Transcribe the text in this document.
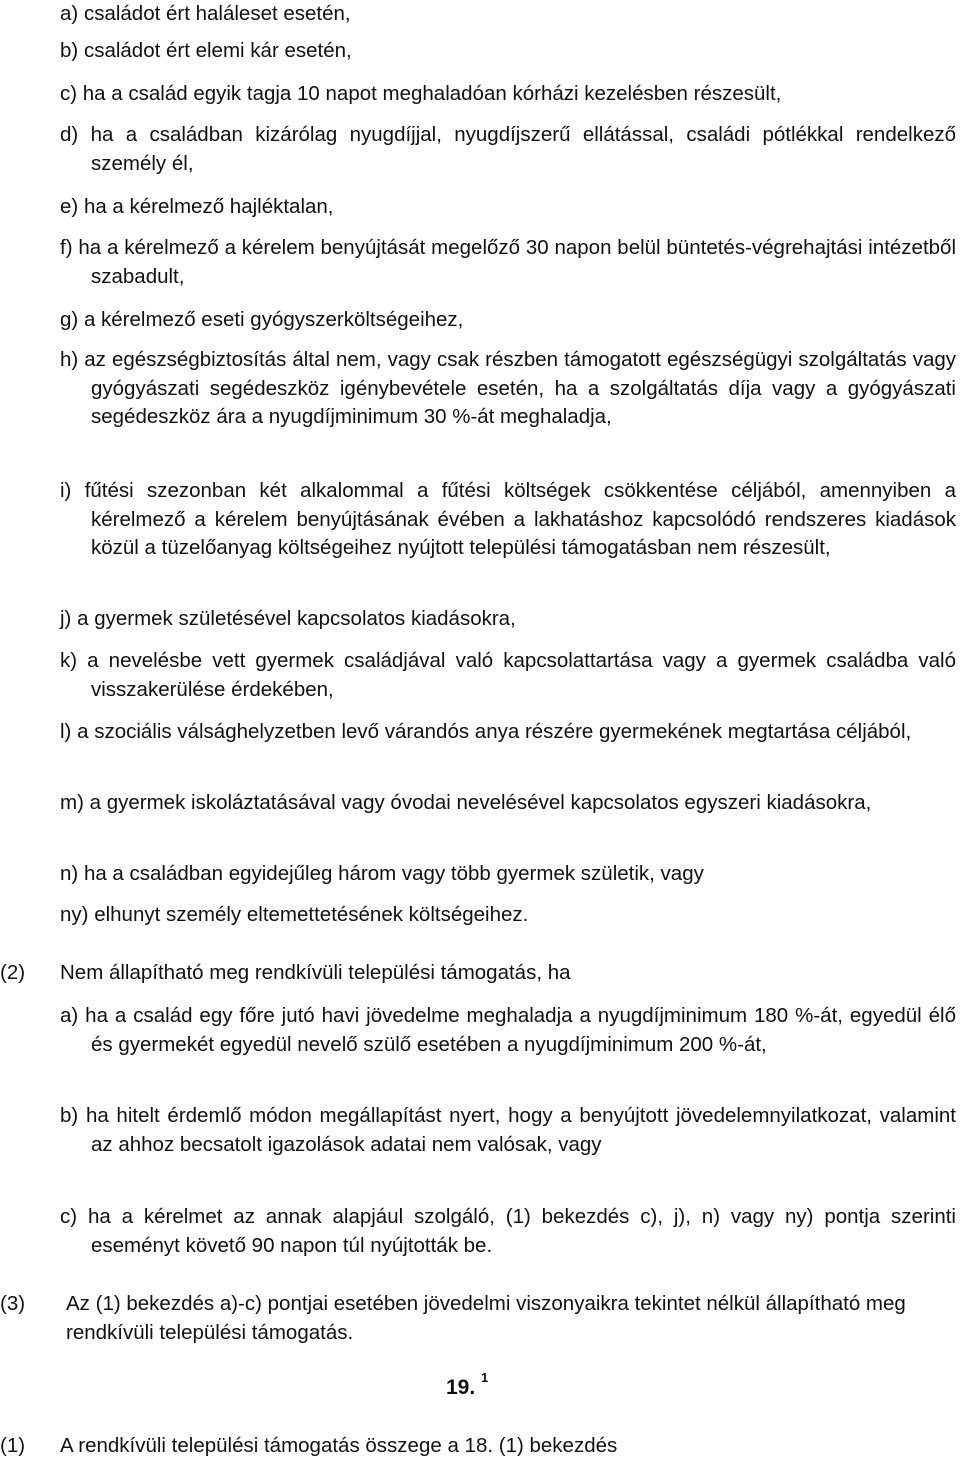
a) családot ért haláleset esetén,
b) családot ért elemi kár esetén,
c) ha a család egyik tagja 10 napot meghaladóan kórházi kezelésben részesült,
d) ha a családban kizárólag nyugdíjjal, nyugdíjszerű ellátással, családi pótlékkal rendelkező személy él,
e) ha a kérelmező hajléktalan,
f) ha a kérelmező a kérelem benyújtását megelőző 30 napon belül büntetés-végrehajtási intézetből szabadult,
g) a kérelmező eseti gyógyszerköltségeihez,
h) az egészségbiztosítás által nem, vagy csak részben támogatott egészségügyi szolgáltatás vagy gyógyászati segédeszköz igénybevétele esetén, ha a szolgáltatás díja vagy a gyógyászati segédeszköz ára a nyugdíjminimum 30 %-át meghaladja,
i) fűtési szezonban két alkalommal a fűtési költségek csökkentése céljából, amennyiben a kérelmező a kérelem benyújtásának évében a lakhatáshoz kapcsolódó rendszeres kiadások közül a tüzelőanyag költségeihez nyújtott települési támogatásban nem részesült,
j) a gyermek születésével kapcsolatos kiadásokra,
k) a nevelésbe vett gyermek családjával való kapcsolattartása vagy a gyermek családba való visszakerülése érdekében,
l) a szociális válsághelyzetben levő várandós anya részére gyermekének megtartása céljából,
m) a gyermek iskoláztatásával vagy óvodai nevelésével kapcsolatos egyszeri kiadásokra,
n) ha a családban egyidejűleg három vagy több gyermek születik, vagy
ny) elhunyt személy eltemettetésének költségeihez.
(2) Nem állapítható meg rendkívüli települési támogatás, ha
a) ha a család egy főre jutó havi jövedelme meghaladja a nyugdíjminimum 180 %-át, egyedül élő és gyermekét egyedül nevelő szülő esetében a nyugdíjminimum 200 %-át,
b) ha hitelt érdemlő módon megállapítást nyert, hogy a benyújtott jövedelemnyilatkozat, valamint az ahhoz becsatolt igazolások adatai nem valósak, vagy
c) ha a kérelmet az annak alapjául szolgáló, (1) bekezdés c), j), n) vagy ny) pontja szerinti eseményt követő 90 napon túl nyújtották be.
(3)	Az (1) bekezdés a)-c) pontjai esetében jövedelmi viszonyaikra tekintet nélkül állapítható meg rendkívüli települési támogatás.
19. $^1$
(1) A rendkívüli települési támogatás összege a 18. (1) bekezdés
